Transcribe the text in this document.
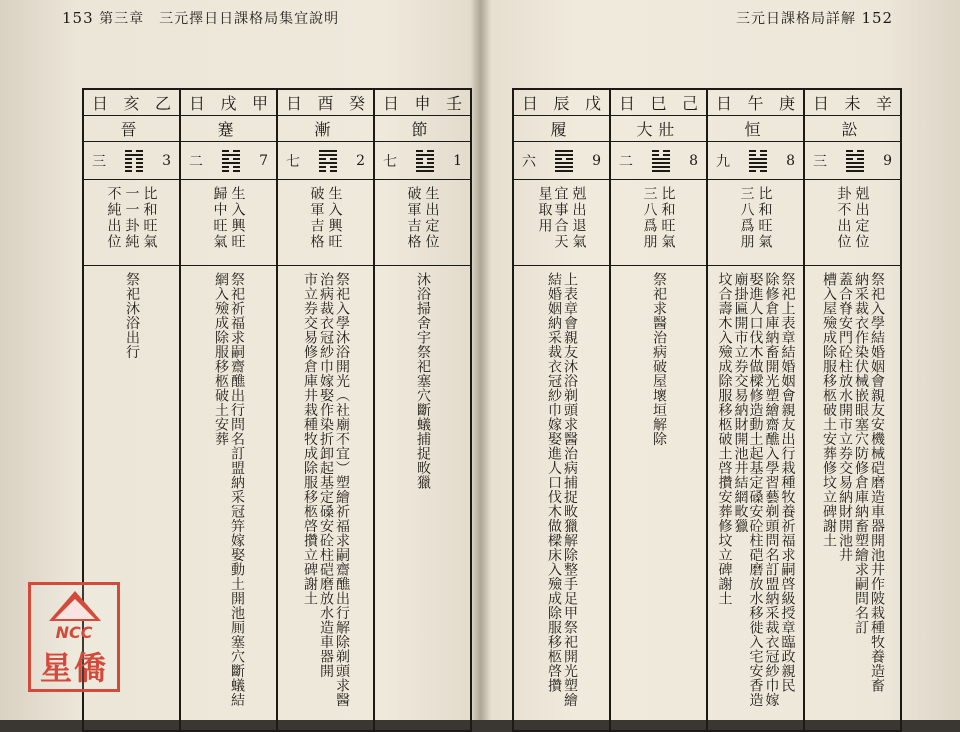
153 第三章　三元擇日日課格局集宜說明	三元日課格局詳解 152
日 亥 乙
晉
三	3
比和旺氣
一一卦純
不純出位
祭祀沐浴出行
日 戌 甲
蹇
二	7
生入興旺
歸中旺氣
祭祀祈福求嗣齋醮出行問名訂盟納采冠笄嫁娶動土開池厠塞穴斷蟻結
網入殮成除服移柩破土安葬
日 酉 癸
漸
七	2
生入興旺
破軍吉格
祭祀入學沐浴開光︵社廟不宜︶塑繪祈福求嗣齋醮出行解除剃頭求醫
治病裁衣冠紗巾嫁娶作染折卸起基定磉安砼柱硙磨放水造車器開
市立券交易修倉庫井栽種牧成除服移柩啓攢立碑謝土
日 申 壬
節
七	1
生出定位
破軍吉格
沐浴掃舍宇祭祀塞穴斷蟻捕捉畋獵
日 辰 戊
履
六	9
剋出退氣
宜事合天星取用
上表章會親友沐浴剃頭求醫治病捕捉畋獵解除整手足甲祭祀開光塑繪
結婚姻納采裁衣冠紗巾嫁娶進人口伐木做樑床入殮成除服移柩啓攢
日 巳 己
大壯
二	8
比和旺氣
三八爲朋
祭祀求醫治病破屋壞垣解除
日 午 庚
恒
九	8
比和旺氣
三八爲朋
祭祀上表章結婚姻會親友出行栽種牧養祈福求嗣啓級授章臨政親民
除修倉庫納畜開光塑繪齋醮入學習藝剃頭問名訂盟納采裁衣冠紗巾嫁
娶進人口伐木做樑修造動土起基定磉安砼柱硙磨放水移徙入宅安香造廟掛匾開市立券交易納財開池井結網畋獵
坟合壽木入殮成除服移柩破土啓攢安葬修坟立碑謝土
日 未 辛
訟
三	9
剋出定位
卦不出位
祭祀入學結婚姻會親友安機械硙磨造車器開池井作陂栽種牧養造畜
納采裁衣作染伏械嵌眼塞穴防修倉庫納畜塑繪求嗣問名訂
蓋合脊安門砼柱放水開市立券交易納財開池井
槽入屋殮成除服移柩破土安葬修坟立碑謝土
NCC
星僑
